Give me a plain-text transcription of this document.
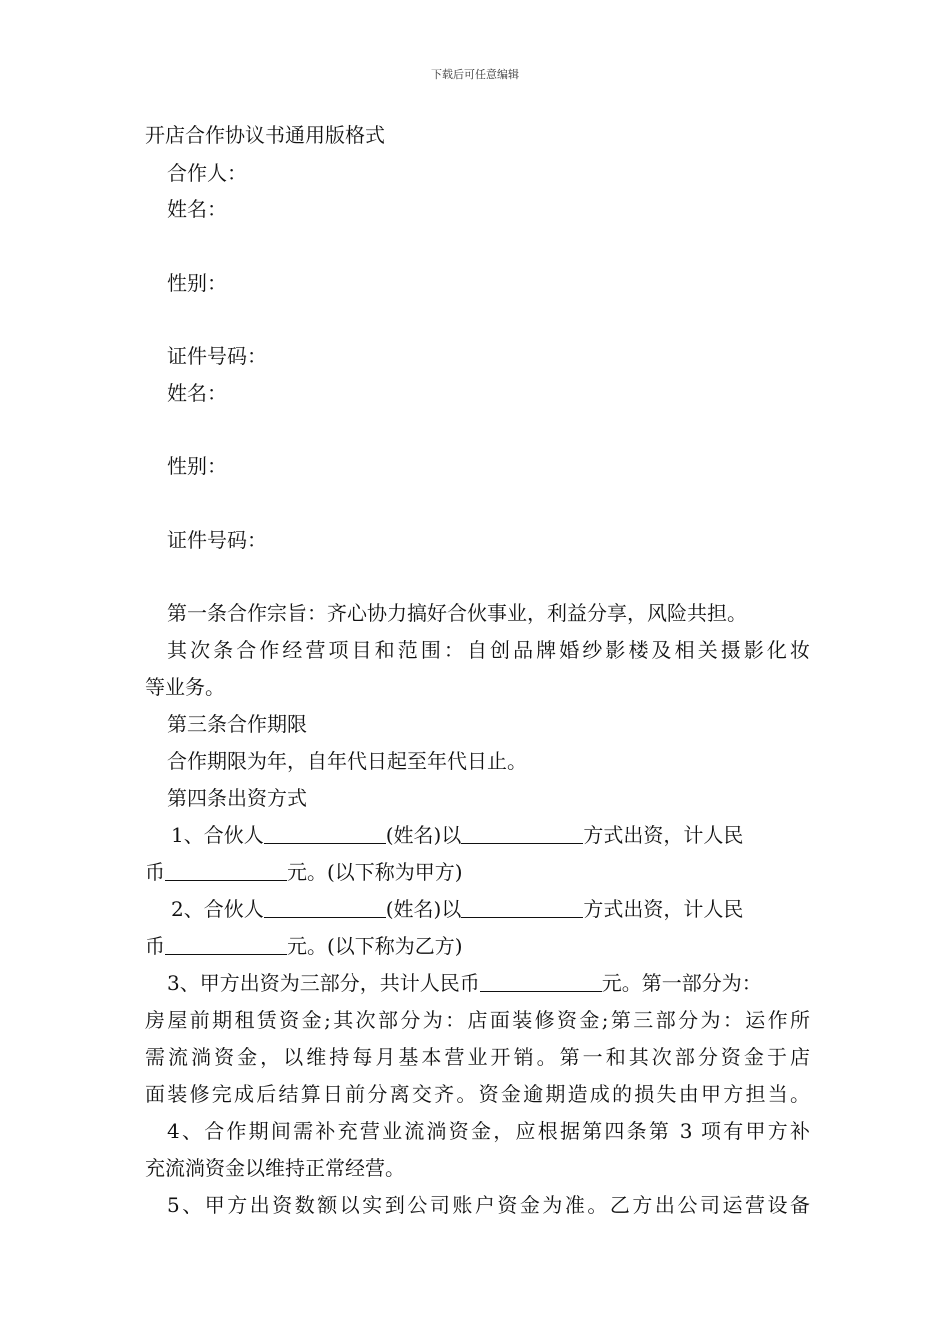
下载后可任意编辑
开店合作协议书通用版格式
合作人：
姓名：
性别：
证件号码：
姓名：
性别：
证件号码：
第一条合作宗旨：齐心协力搞好合伙事业，利益分享，风险共担。
其次条合作经营项目和范围：自创品牌婚纱影楼及相关摄影化妆
等业务。
第三条合作期限
合作期限为年，自年代日起至年代日止。
第四条出资方式
1、合伙人	(姓名)以	方式出资，计人民
币	元。(以下称为甲方)
2、合伙人	(姓名)以	方式出资，计人民
币	元。(以下称为乙方)
3、甲方出资为三部分，共计人民币	元。第一部分为：
房屋前期租赁资金;其次部分为：店面装修资金;第三部分为：运作所
需流淌资金，以维持每月基本营业开销。第一和其次部分资金于店
面装修完成后结算日前分离交齐。资金逾期造成的损失由甲方担当。
4、合作期间需补充营业流淌资金，应根据第四条第 3 项有甲方补
充流淌资金以维持正常经营。
5、甲方出资数额以实到公司账户资金为准。乙方出公司运营设备
